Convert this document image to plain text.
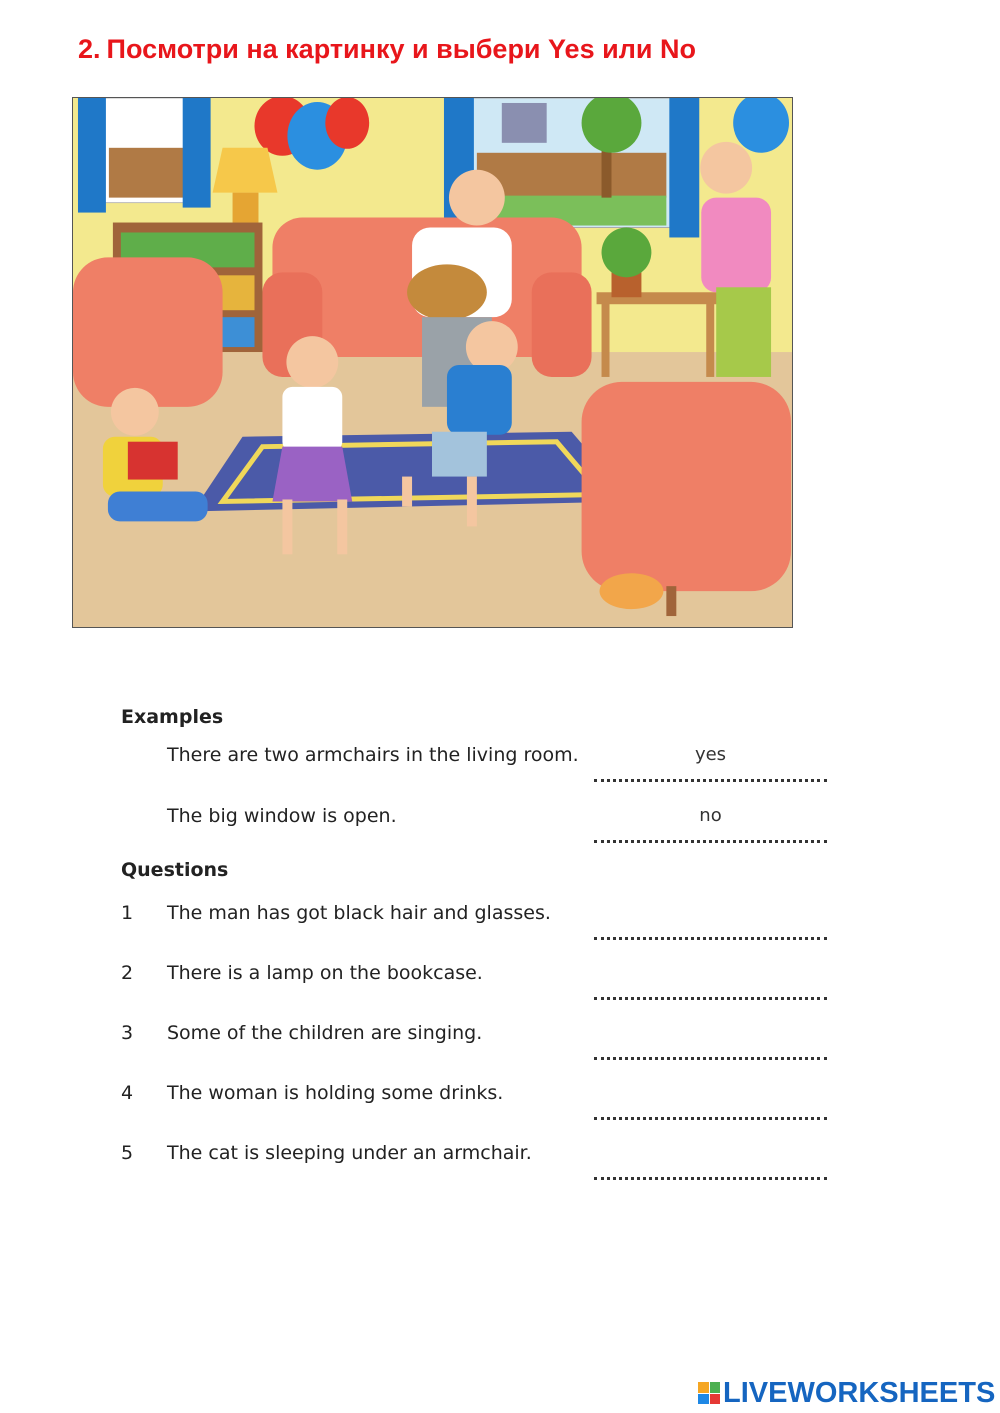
2. Посмотри на картинку и выбери Yes или No
Examples
There are two armchairs in the living room.	yes
The big window is open.	no
Questions
1 The man has got black hair and glasses.
2 There is a lamp on the bookcase.
3 Some of the children are singing.
4 The woman is holding some drinks.
5 The cat is sleeping under an armchair.
LIVEWORKSHEETS
